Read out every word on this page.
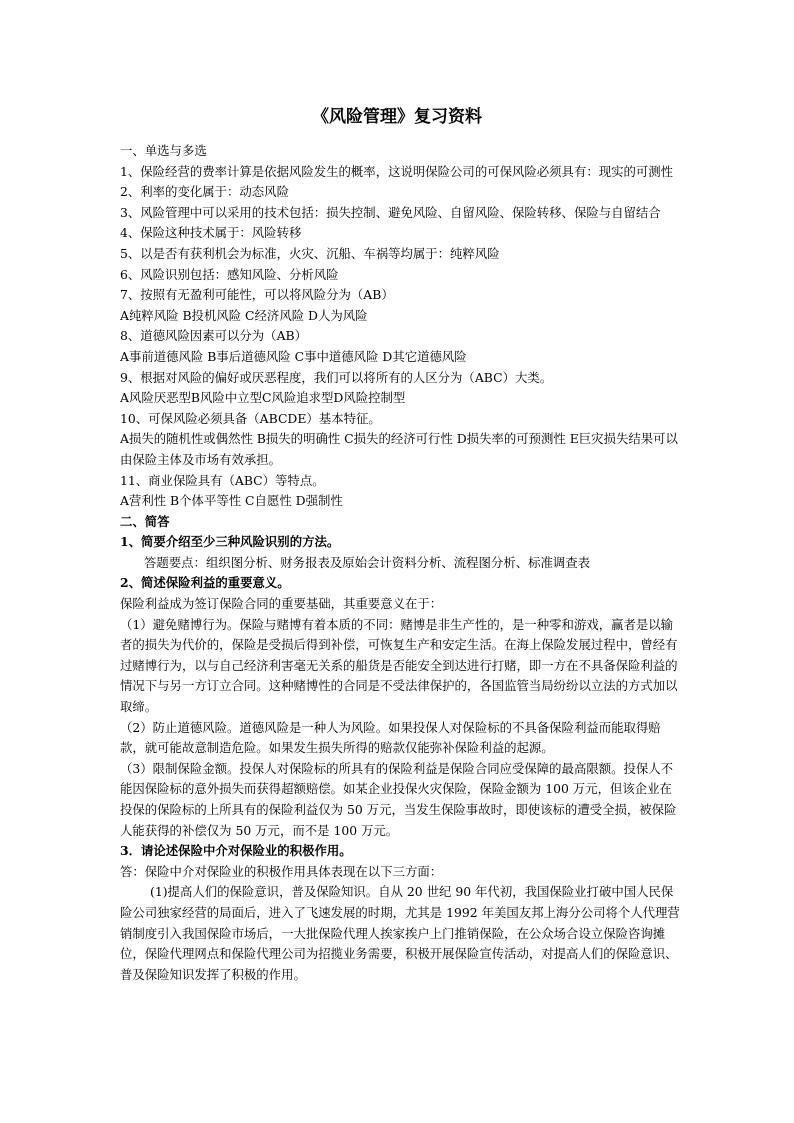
《风险管理》复习资料

一、单选与多选

1、保险经营的费率计算是依据风险发生的概率，这说明保险公司的可保风险必须具有：现实的可测性

2、利率的变化属于：动态风险

3、风险管理中可以采用的技术包括：损失控制、避免风险、自留风险、保险转移、保险与自留结合

4、保险这种技术属于：风险转移

5、以是否有获利机会为标准，火灾、沉船、车祸等均属于：纯粹风险

6、风险识别包括：感知风险、分析风险

7、按照有无盈利可能性，可以将风险分为（AB）

A纯粹风险 B投机风险 C经济风险 D人为风险

8、道德风险因素可以分为（AB）

A事前道德风险 B事后道德风险 C事中道德风险 D其它道德风险

9、根据对风险的偏好或厌恶程度，我们可以将所有的人区分为（ABC）大类。

A风险厌恶型B风险中立型C风险追求型D风险控制型

10、可保风险必须具备（ABCDE）基本特征。

A损失的随机性或偶然性 B损失的明确性 C损失的经济可行性 D损失率的可预测性 E巨灾损失结果可以由保险主体及市场有效承担。

11、商业保险具有（ABC）等特点。

A营利性 B个体平等性 C自愿性 D强制性

二、简答

1、简要介绍至少三种风险识别的方法。

答题要点：组织图分析、财务报表及原始会计资料分析、流程图分析、标准调查表

2、简述保险利益的重要意义。

保险利益成为签订保险合同的重要基础，其重要意义在于：

（1）避免赌博行为。保险与赌博有着本质的不同：赌博是非生产性的，是一种零和游戏，赢者是以输者的损失为代价的，保险是受损后得到补偿，可恢复生产和安定生活。在海上保险发展过程中，曾经有过赌博行为，以与自己经济利害毫无关系的船货是否能安全到达进行打赌，即一方在不具备保险利益的情况下与另一方订立合同。这种赌博性的合同是不受法律保护的，各国监管当局纷纷以立法的方式加以取缔。

（2）防止道德风险。道德风险是一种人为风险。如果投保人对保险标的不具备保险利益而能取得赔款，就可能故意制造危险。如果发生损失所得的赔款仅能弥补保险利益的起源。

（3）限制保险金额。投保人对保险标的所具有的保险利益是保险合同应受保障的最高限额。投保人不能因保险标的意外损失而获得超额赔偿。如某企业投保火灾保险，保险金额为 100 万元，但该企业在投保的保险标的上所具有的保险利益仅为 50 万元，当发生保险事故时，即使该标的遭受全损，被保险人能获得的补偿仅为 50 万元，而不是 100 万元。

3．请论述保险中介对保险业的积极作用。

答：保险中介对保险业的积极作用具体表现在以下三方面：

(1)提高人们的保险意识，普及保险知识。自从 20 世纪 90 年代初，我国保险业打破中国人民保险公司独家经营的局面后，进入了飞速发展的时期，尤其是 1992 年美国友邦上海分公司将个人代理营销制度引入我国保险市场后，一大批保险代理人挨家挨户上门推销保险，在公众场合设立保险咨询摊位，保险代理网点和保险代理公司为招揽业务需要，积极开展保险宣传活动，对提高人们的保险意识、普及保险知识发挥了积极的作用。
